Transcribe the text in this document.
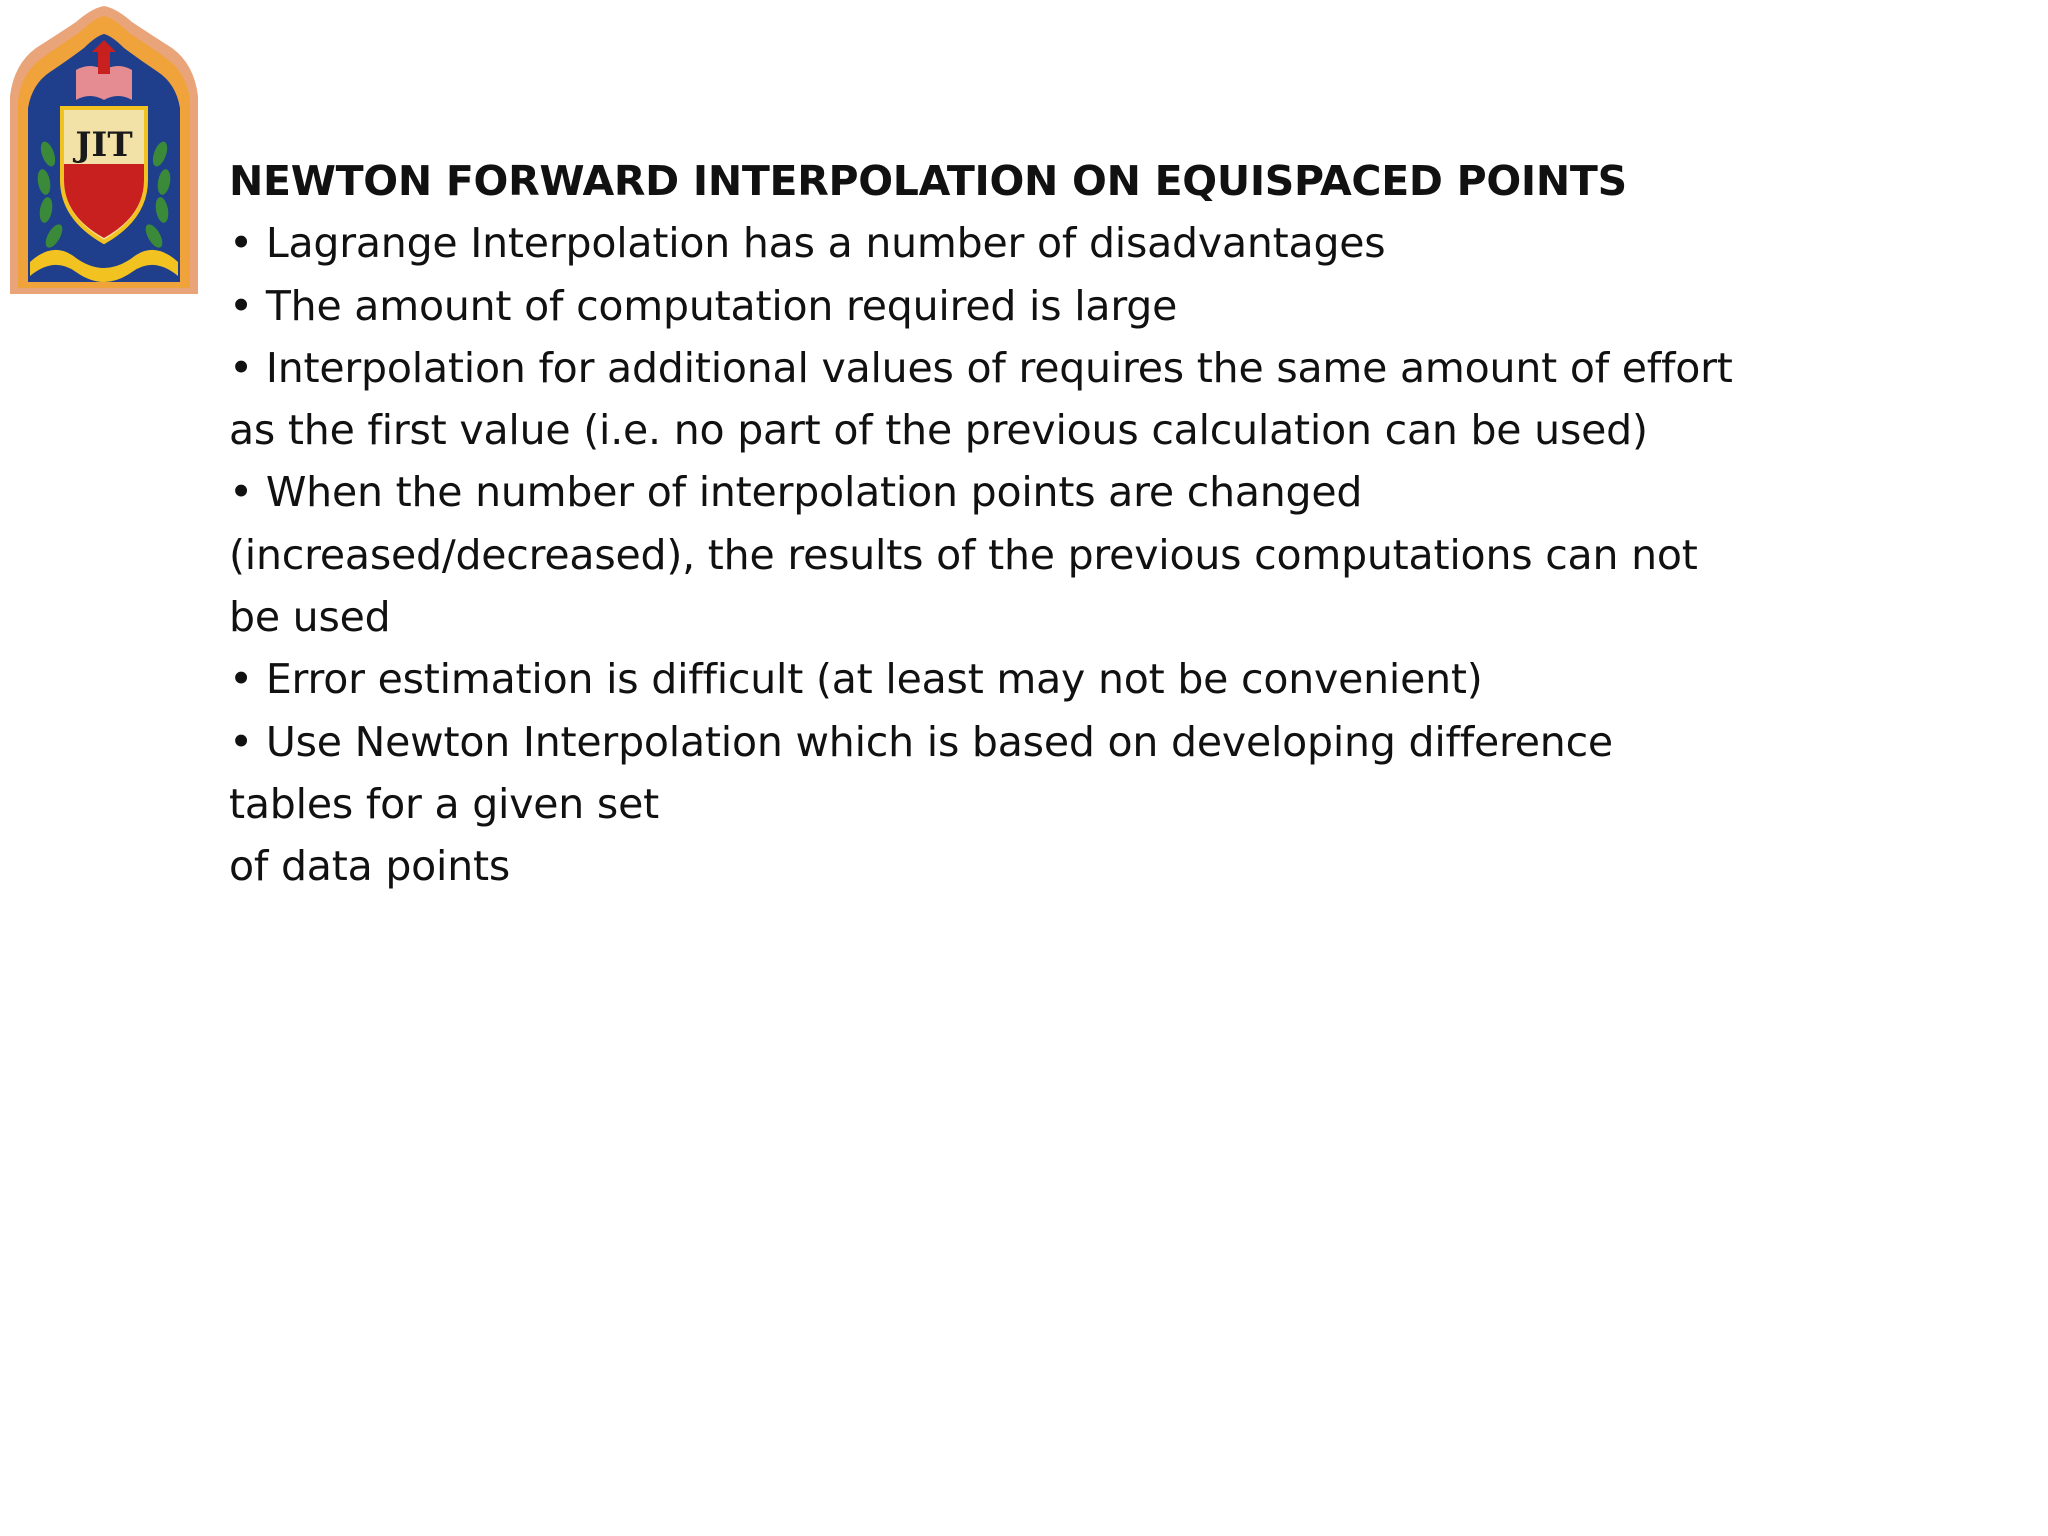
JIT
NEWTON FORWARD INTERPOLATION ON EQUISPACED POINTS
• Lagrange Interpolation has a number of disadvantages
• The amount of computation required is large
• Interpolation for additional values of requires the same amount of effort
as the first value (i.e. no part of the previous calculation can be used)
• When the number of interpolation points are changed
(increased/decreased), the results of the previous computations can not
be used
• Error estimation is difficult (at least may not be convenient)
• Use Newton Interpolation which is based on developing difference
tables for a given set
of data points
